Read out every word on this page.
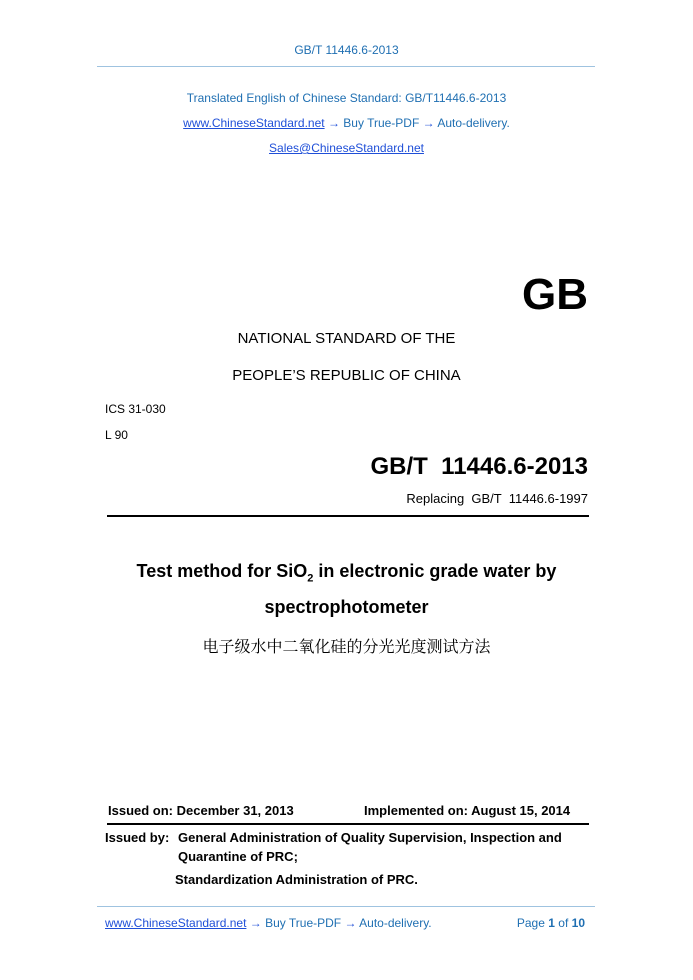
GB/T 11446.6-2013
Translated English of Chinese Standard: GB/T11446.6-2013
www.ChineseStandard.net → Buy True-PDF → Auto-delivery.
Sales@ChineseStandard.net
GB
NATIONAL STANDARD OF THE
PEOPLE’S REPUBLIC OF CHINA
ICS 31-030
L 90
GB/T  11446.6-2013
Replacing  GB/T  11446.6-1997
Test method for SiO$_2$ in electronic grade water by
spectrophotometer
电子级水中二氧化硅的分光光度测试方法
Issued on: December 31, 2013	Implemented on: August 15, 2014
Issued by: General Administration of Quality Supervision, Inspection and
Quarantine of PRC;
Standardization Administration of PRC.
www.ChineseStandard.net → Buy True-PDF → Auto-delivery.	Page 1 of 10
